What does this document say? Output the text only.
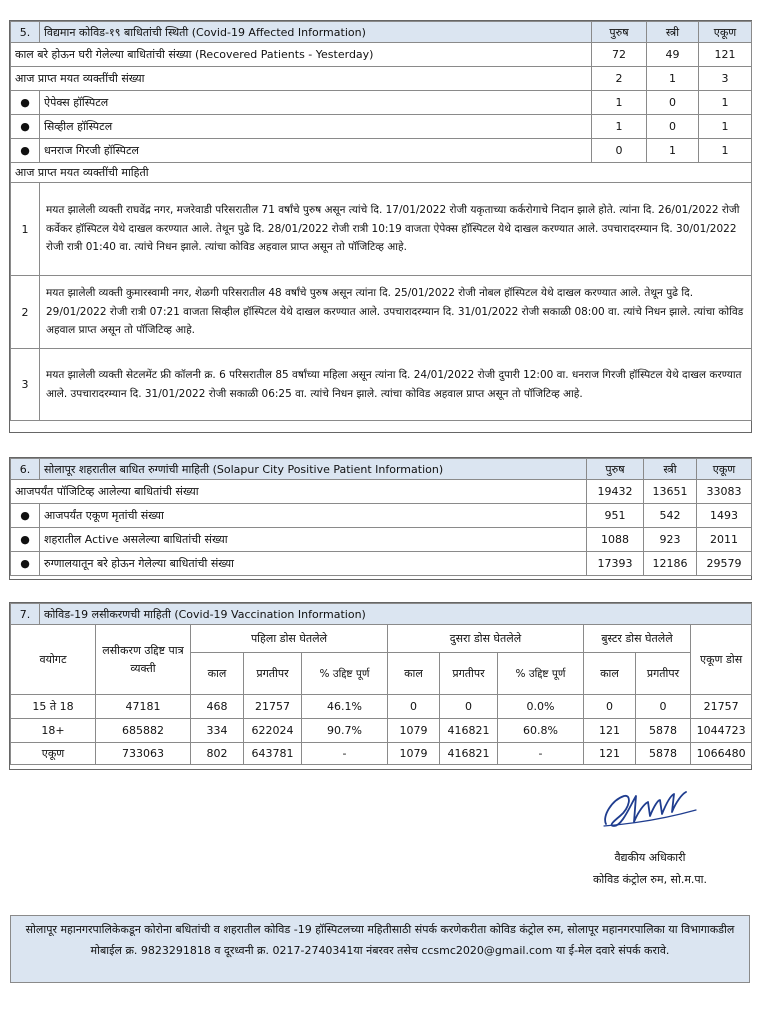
5.	विद्यमान कोविड-१९ बाधितांची स्थिती (Covid-19 Affected Information)	पुरुष	स्त्री	एकूण
काल बरे होऊन घरी गेलेल्या बाधितांची संख्या (Recovered Patients - Yesterday)		72	49	121
आज प्राप्त मयत व्यक्तींची संख्या		2	1	3
●	ऐपेक्स हॉस्पिटल	1	0	1
●	सिव्हील हॉस्पिटल	1	0	1
●	धनराज गिरजी हॉस्पिटल	0	1	1
आज प्राप्त मयत व्यक्तींची माहिती				
1	मयत झालेली व्यक्ती राघवेंद्र नगर, मजरेवाडी परिसरातील 71 वर्षांचे पुरुष असून त्यांचे दि. 17/01/2022 रोजी यकृताच्या कर्करोगाचे निदान झाले होते. त्यांना दि. 26/01/2022 रोजी कर्वेकर हॉस्पिटल येथे दाखल करण्यात आले. तेथून पुढे दि. 28/01/2022 रोजी रात्री 10:19 वाजता ऐपेक्स हॉस्पिटल येथे दाखल करण्यात आले. उपचारादरम्यान दि. 30/01/2022 रोजी रात्री 01:40 वा. त्यांचे निधन झाले. त्यांचा कोविड अहवाल प्राप्त असून तो पॉजिटिव्ह आहे.			
2	मयत झालेली व्यक्ती कुमारस्वामी नगर, शेळगी परिसरातील 48 वर्षांचे पुरुष असून त्यांना दि. 25/01/2022 रोजी नोबल हॉस्पिटल येथे दाखल करण्यात आले. तेथून पुढे दि. 29/01/2022 रोजी रात्री 07:21 वाजता सिव्हील हॉस्पिटल येथे दाखल करण्यात आले. उपचारादरम्यान दि. 31/01/2022 रोजी सकाळी 08:00 वा. त्यांचे निधन झाले. त्यांचा कोविड अहवाल प्राप्त असून तो पॉजिटिव्ह आहे.			
3	मयत झालेली व्यक्ती सेटलमेंट फ्री कॉलनी क्र. 6 परिसरातील 85 वर्षांच्या महिला असून त्यांना दि. 24/01/2022 रोजी दुपारी 12:00 वा. धनराज गिरजी हॉस्पिटल येथे दाखल करण्यात आले. उपचारादरम्यान दि. 31/01/2022 रोजी सकाळी 06:25 वा. त्यांचे निधन झाले. त्यांचा कोविड अहवाल प्राप्त असून तो पॉजिटिव्ह आहे.			
6.	सोलापूर शहरातील बाधित रुग्णांची माहिती (Solapur City Positive Patient Information)	पुरुष	स्त्री	एकूण
आजपर्यंत पॉजिटिव्ह आलेल्या बाधितांची संख्या		19432	13651	33083
●	आजपर्यंत एकूण मृतांची संख्या	951	542	1493
●	शहरातील Active असलेल्या बाधितांची संख्या	1088	923	2011
●	रुग्णालयातून बरे होऊन गेलेल्या बाधितांची संख्या	17393	12186	29579
7.	कोविड-19 लसीकरणची माहिती (Covid-19 Vaccination Information)										
वयोगट		लसीकरण उद्दिष्ट पात्र व्यक्ती	पहिला डोस घेतलेले			दुसरा डोस घेतलेले			बुस्टर डोस घेतलेले		एकूण डोस
			काल	प्रगतीपर	% उद्दिष्ट पूर्ण	काल	प्रगतीपर	% उद्दिष्ट पूर्ण	काल	प्रगतीपर	
15 ते 18		47181	468	21757	46.1%	0	0	0.0%	0	0	21757
18+		685882	334	622024	90.7%	1079	416821	60.8%	121	5878	1044723
एकूण		733063	802	643781	-	1079	416821	-	121	5878	1066480
वैद्यकीय अधिकारी
कोविड कंट्रोल रुम, सो.म.पा.
सोलापूर महानगरपालिकेकडून कोरोना बधितांची व शहरातील कोविड -19 हॉस्पिटलच्या महितीसाठी संपर्क करणेकरीता कोविड कंट्रोल रुम, सोलापूर महानगरपालिका या विभागाकडील मोबाईल क्र. 9823291818 व दूरध्वनी क्र. 0217-2740341या नंबरवर तसेच ccsmc2020@gmail.com या ई-मेल दवारे संपर्क करावे.
